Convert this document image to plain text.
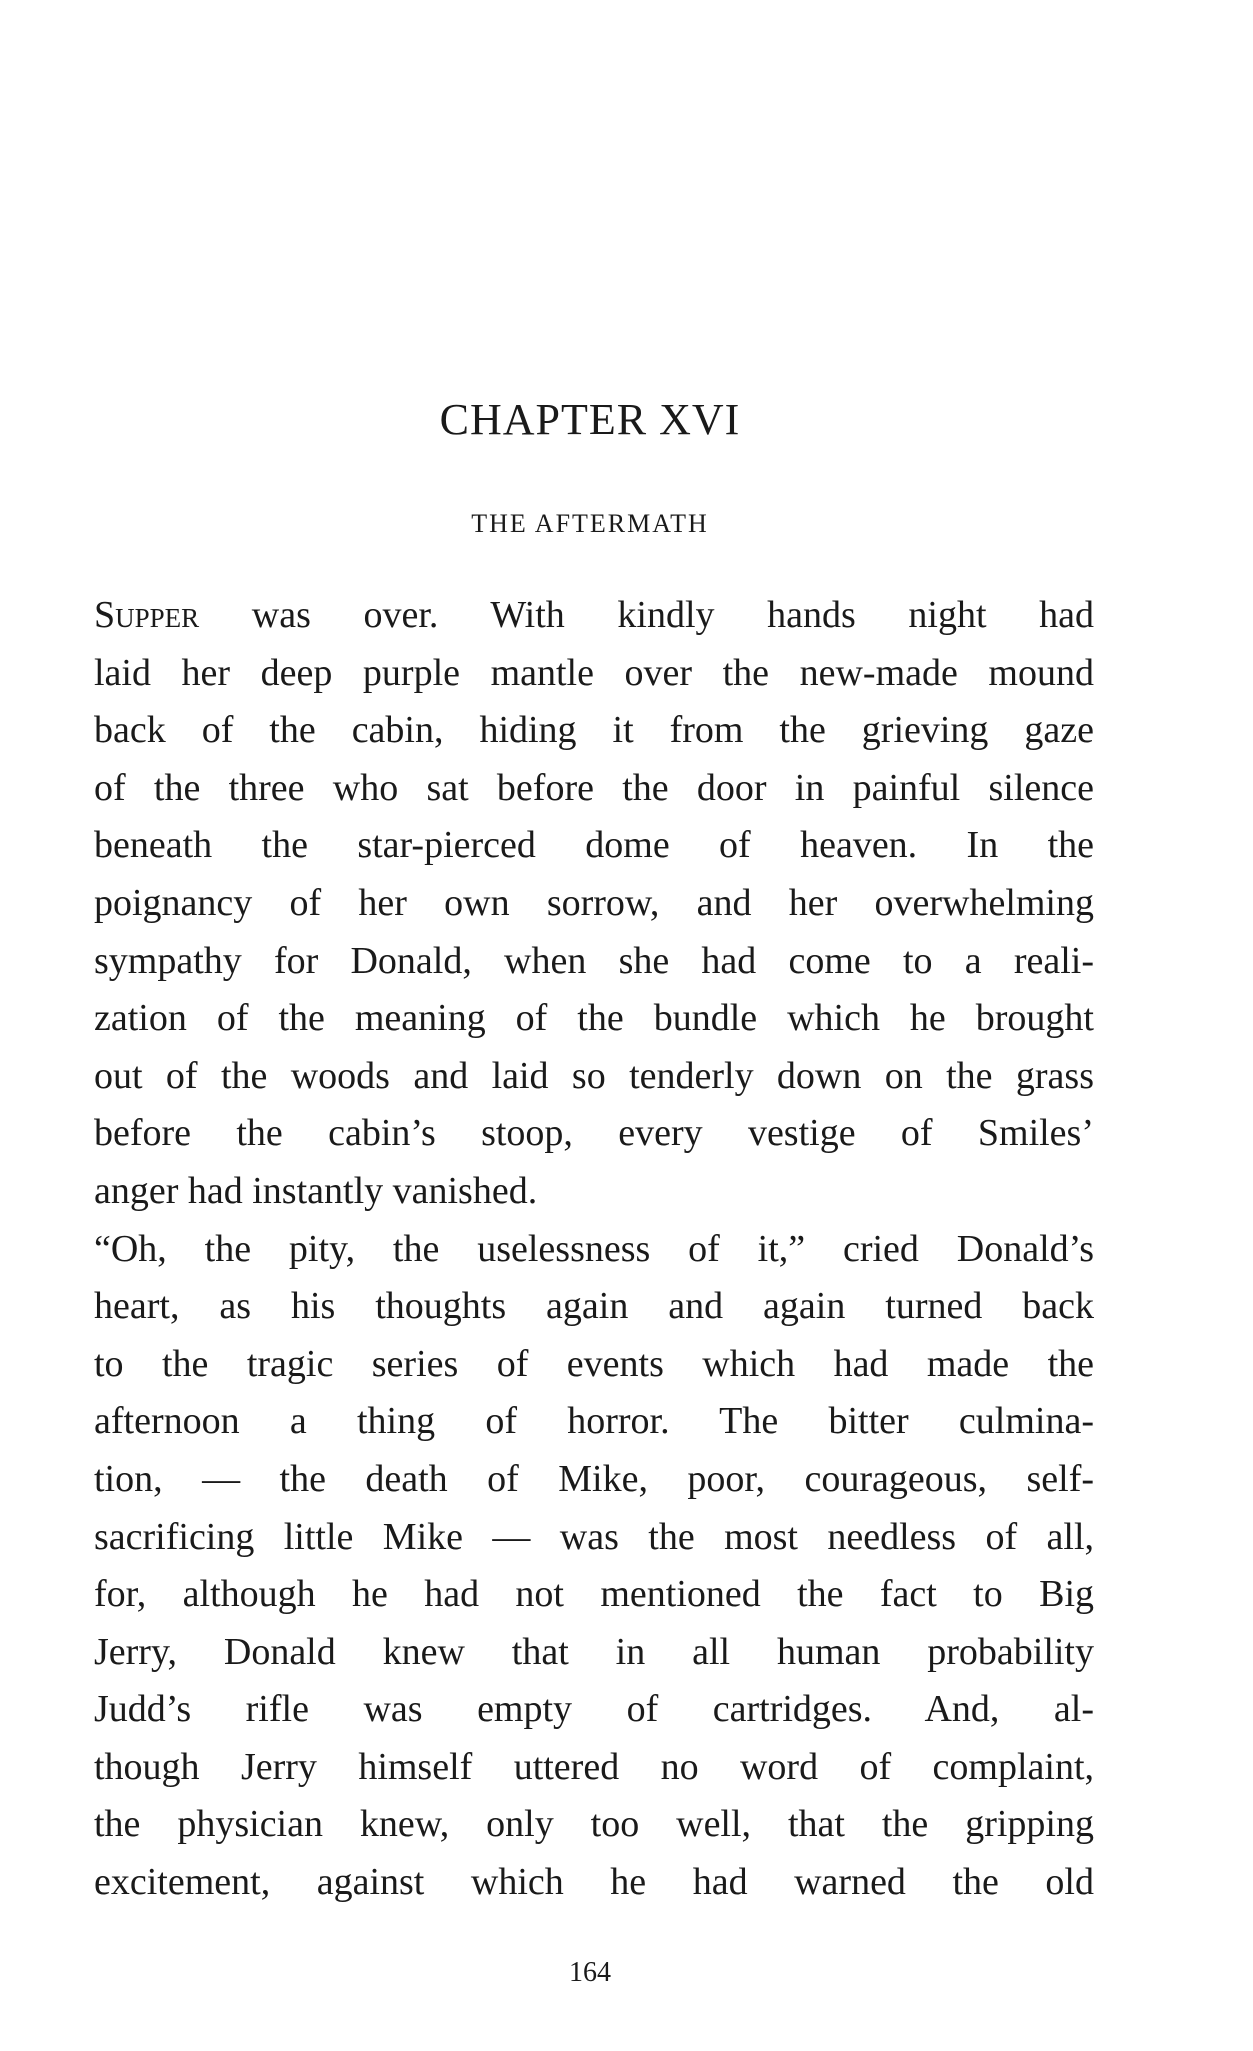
CHAPTER XVI
THE AFTERMATH
Supper was over. With kindly hands night had
laid her deep purple mantle over the new-made mound
back of the cabin, hiding it from the grieving gaze
of the three who sat before the door in painful silence
beneath the star-pierced dome of heaven. In the
poignancy of her own sorrow, and her overwhelming
sympathy for Donald, when she had come to a reali-
zation of the meaning of the bundle which he brought
out of the woods and laid so tenderly down on the grass
before the cabin’s stoop, every vestige of Smiles’
anger had instantly vanished.
“Oh, the pity, the uselessness of it,” cried Donald’s
heart, as his thoughts again and again turned back
to the tragic series of events which had made the
afternoon a thing of horror. The bitter culmina-
tion, — the death of Mike, poor, courageous, self-
sacrificing little Mike — was the most needless of all,
for, although he had not mentioned the fact to Big
Jerry, Donald knew that in all human probability
Judd’s rifle was empty of cartridges. And, al-
though Jerry himself uttered no word of complaint,
the physician knew, only too well, that the gripping
excitement, against which he had warned the old
164
